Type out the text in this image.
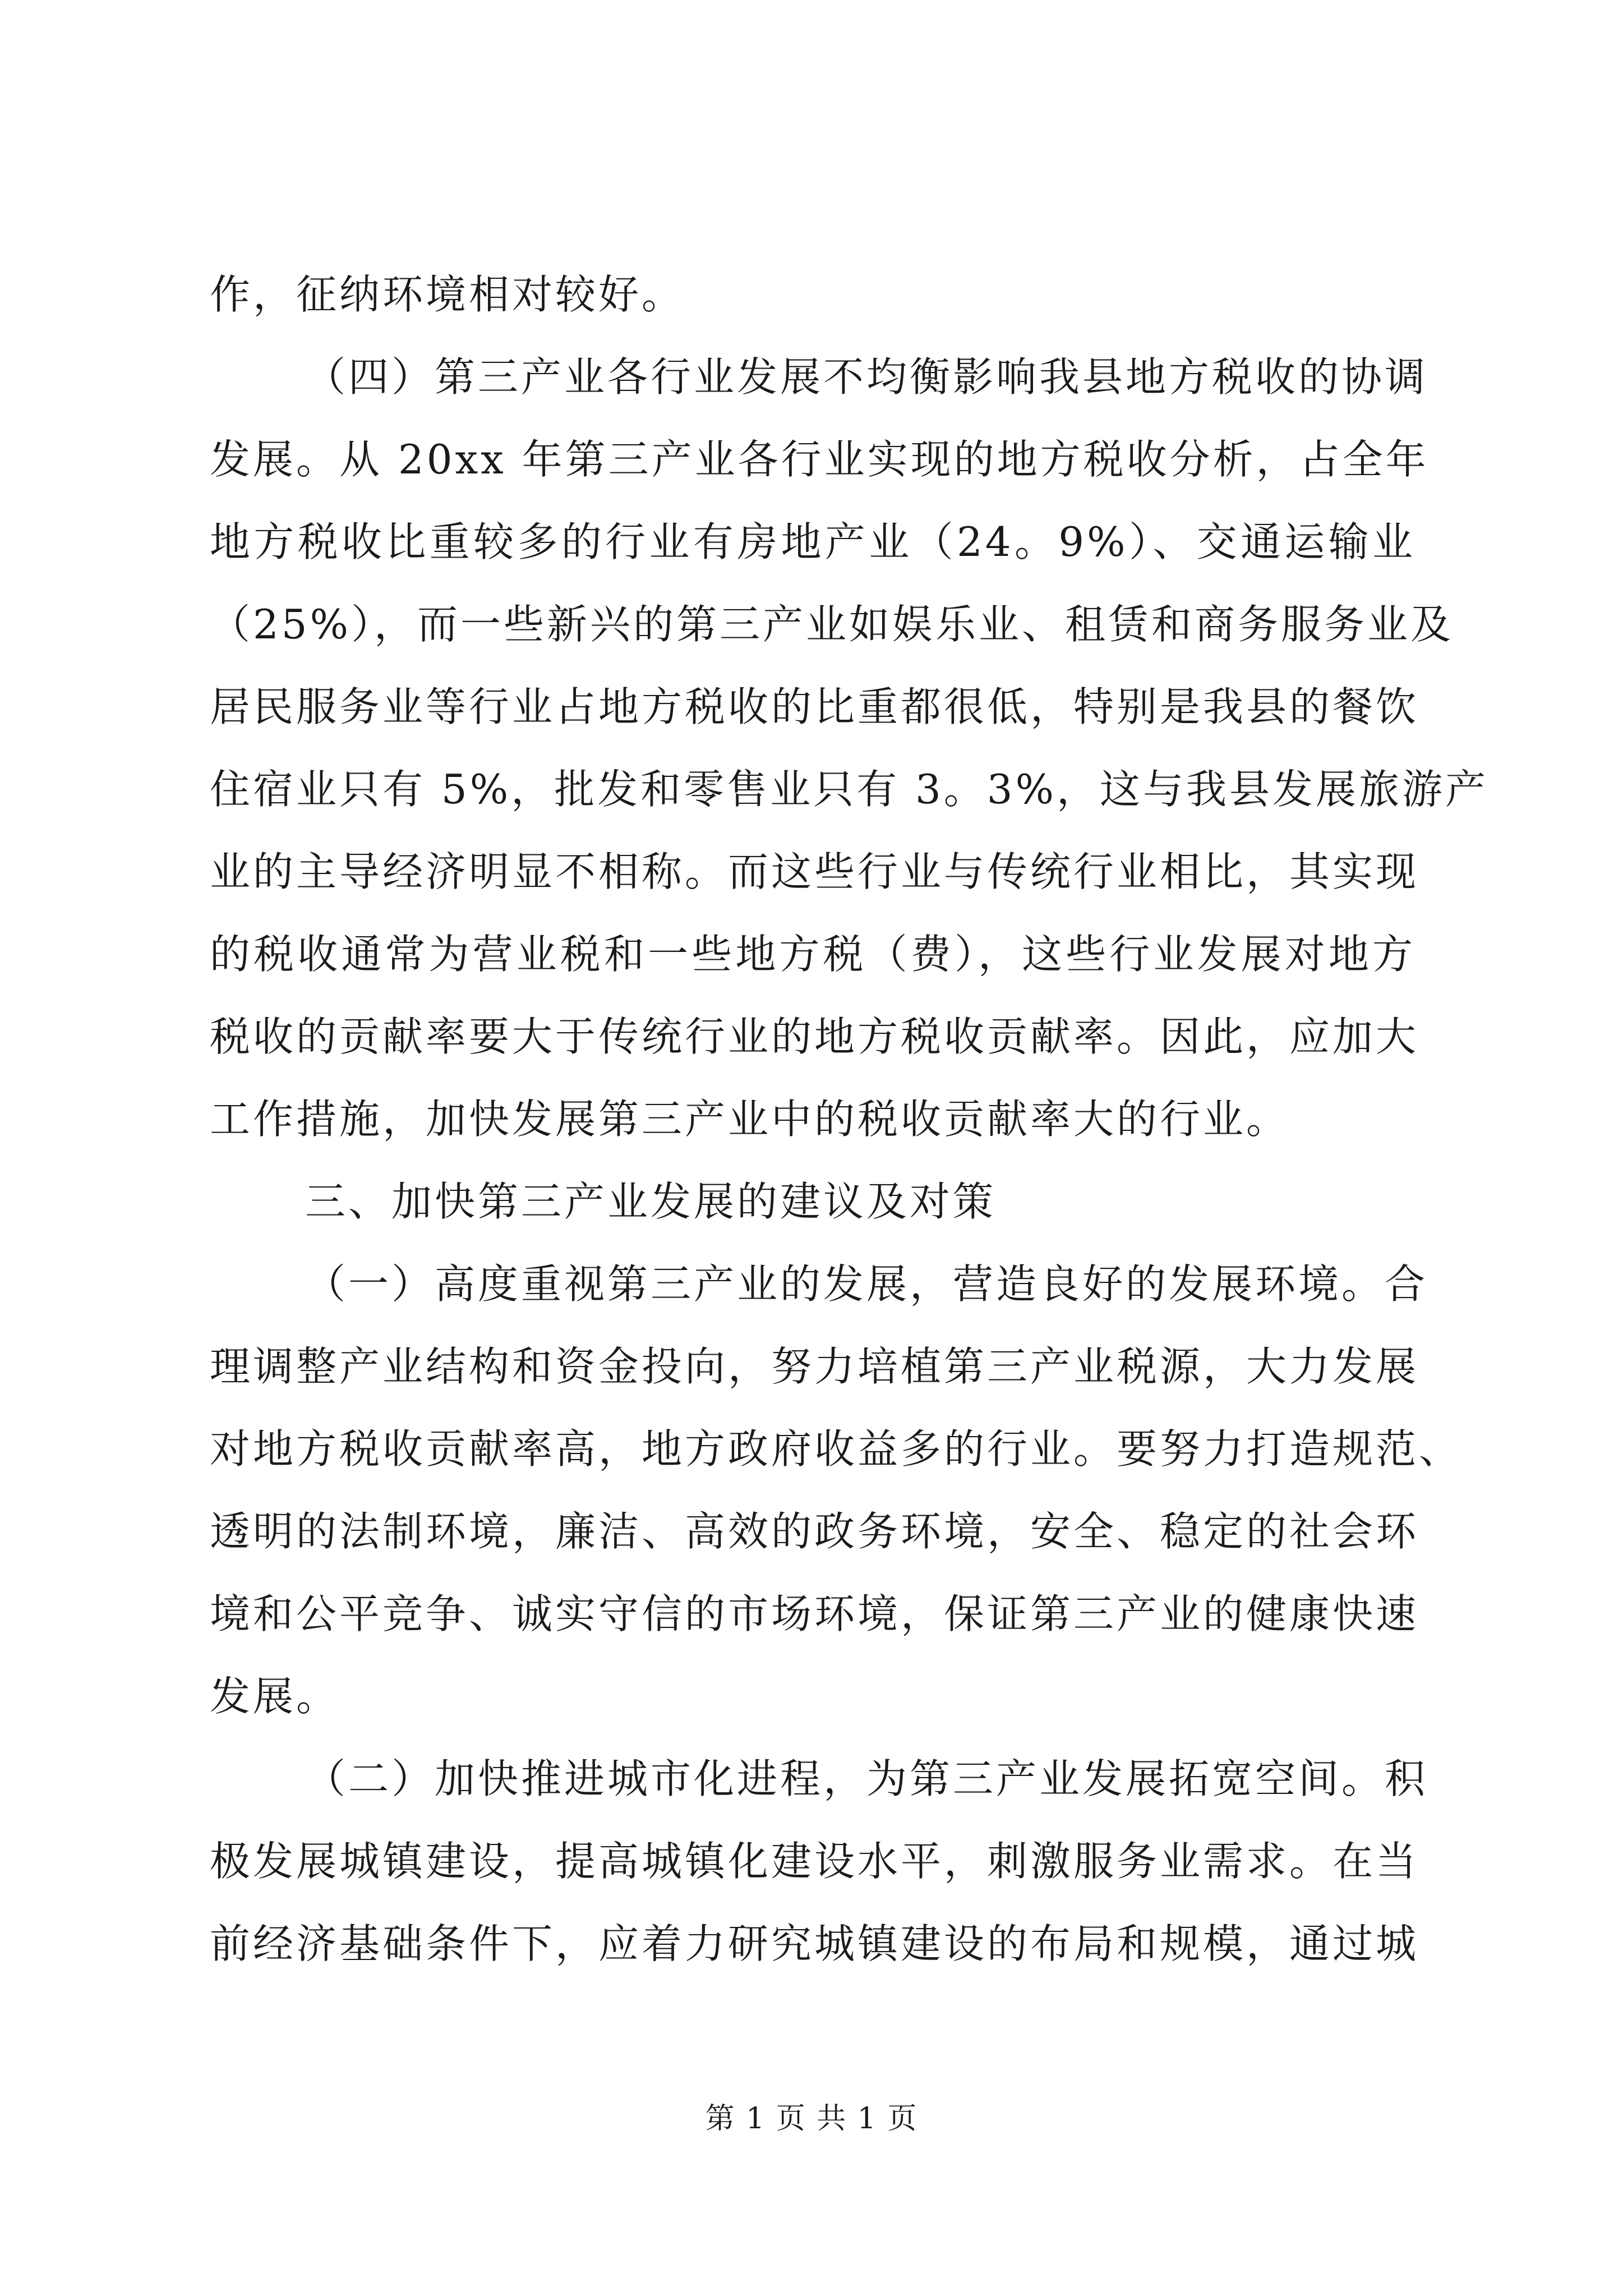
作，征纳环境相对较好。
（四）第三产业各行业发展不均衡影响我县地方税收的协调
发展。从 20xx 年第三产业各行业实现的地方税收分析，占全年
地方税收比重较多的行业有房地产业（24。9%）、交通运输业
（25%），而一些新兴的第三产业如娱乐业、租赁和商务服务业及
居民服务业等行业占地方税收的比重都很低，特别是我县的餐饮
住宿业只有 5%，批发和零售业只有 3。3%，这与我县发展旅游产
业的主导经济明显不相称。而这些行业与传统行业相比，其实现
的税收通常为营业税和一些地方税（费），这些行业发展对地方
税收的贡献率要大于传统行业的地方税收贡献率。因此，应加大
工作措施，加快发展第三产业中的税收贡献率大的行业。
三、加快第三产业发展的建议及对策
（一）高度重视第三产业的发展，营造良好的发展环境。合
理调整产业结构和资金投向，努力培植第三产业税源，大力发展
对地方税收贡献率高，地方政府收益多的行业。要努力打造规范、
透明的法制环境，廉洁、高效的政务环境，安全、稳定的社会环
境和公平竞争、诚实守信的市场环境，保证第三产业的健康快速
发展。
（二）加快推进城市化进程，为第三产业发展拓宽空间。积
极发展城镇建设，提高城镇化建设水平，刺激服务业需求。在当
前经济基础条件下，应着力研究城镇建设的布局和规模，通过城
第 1 页 共 1 页
